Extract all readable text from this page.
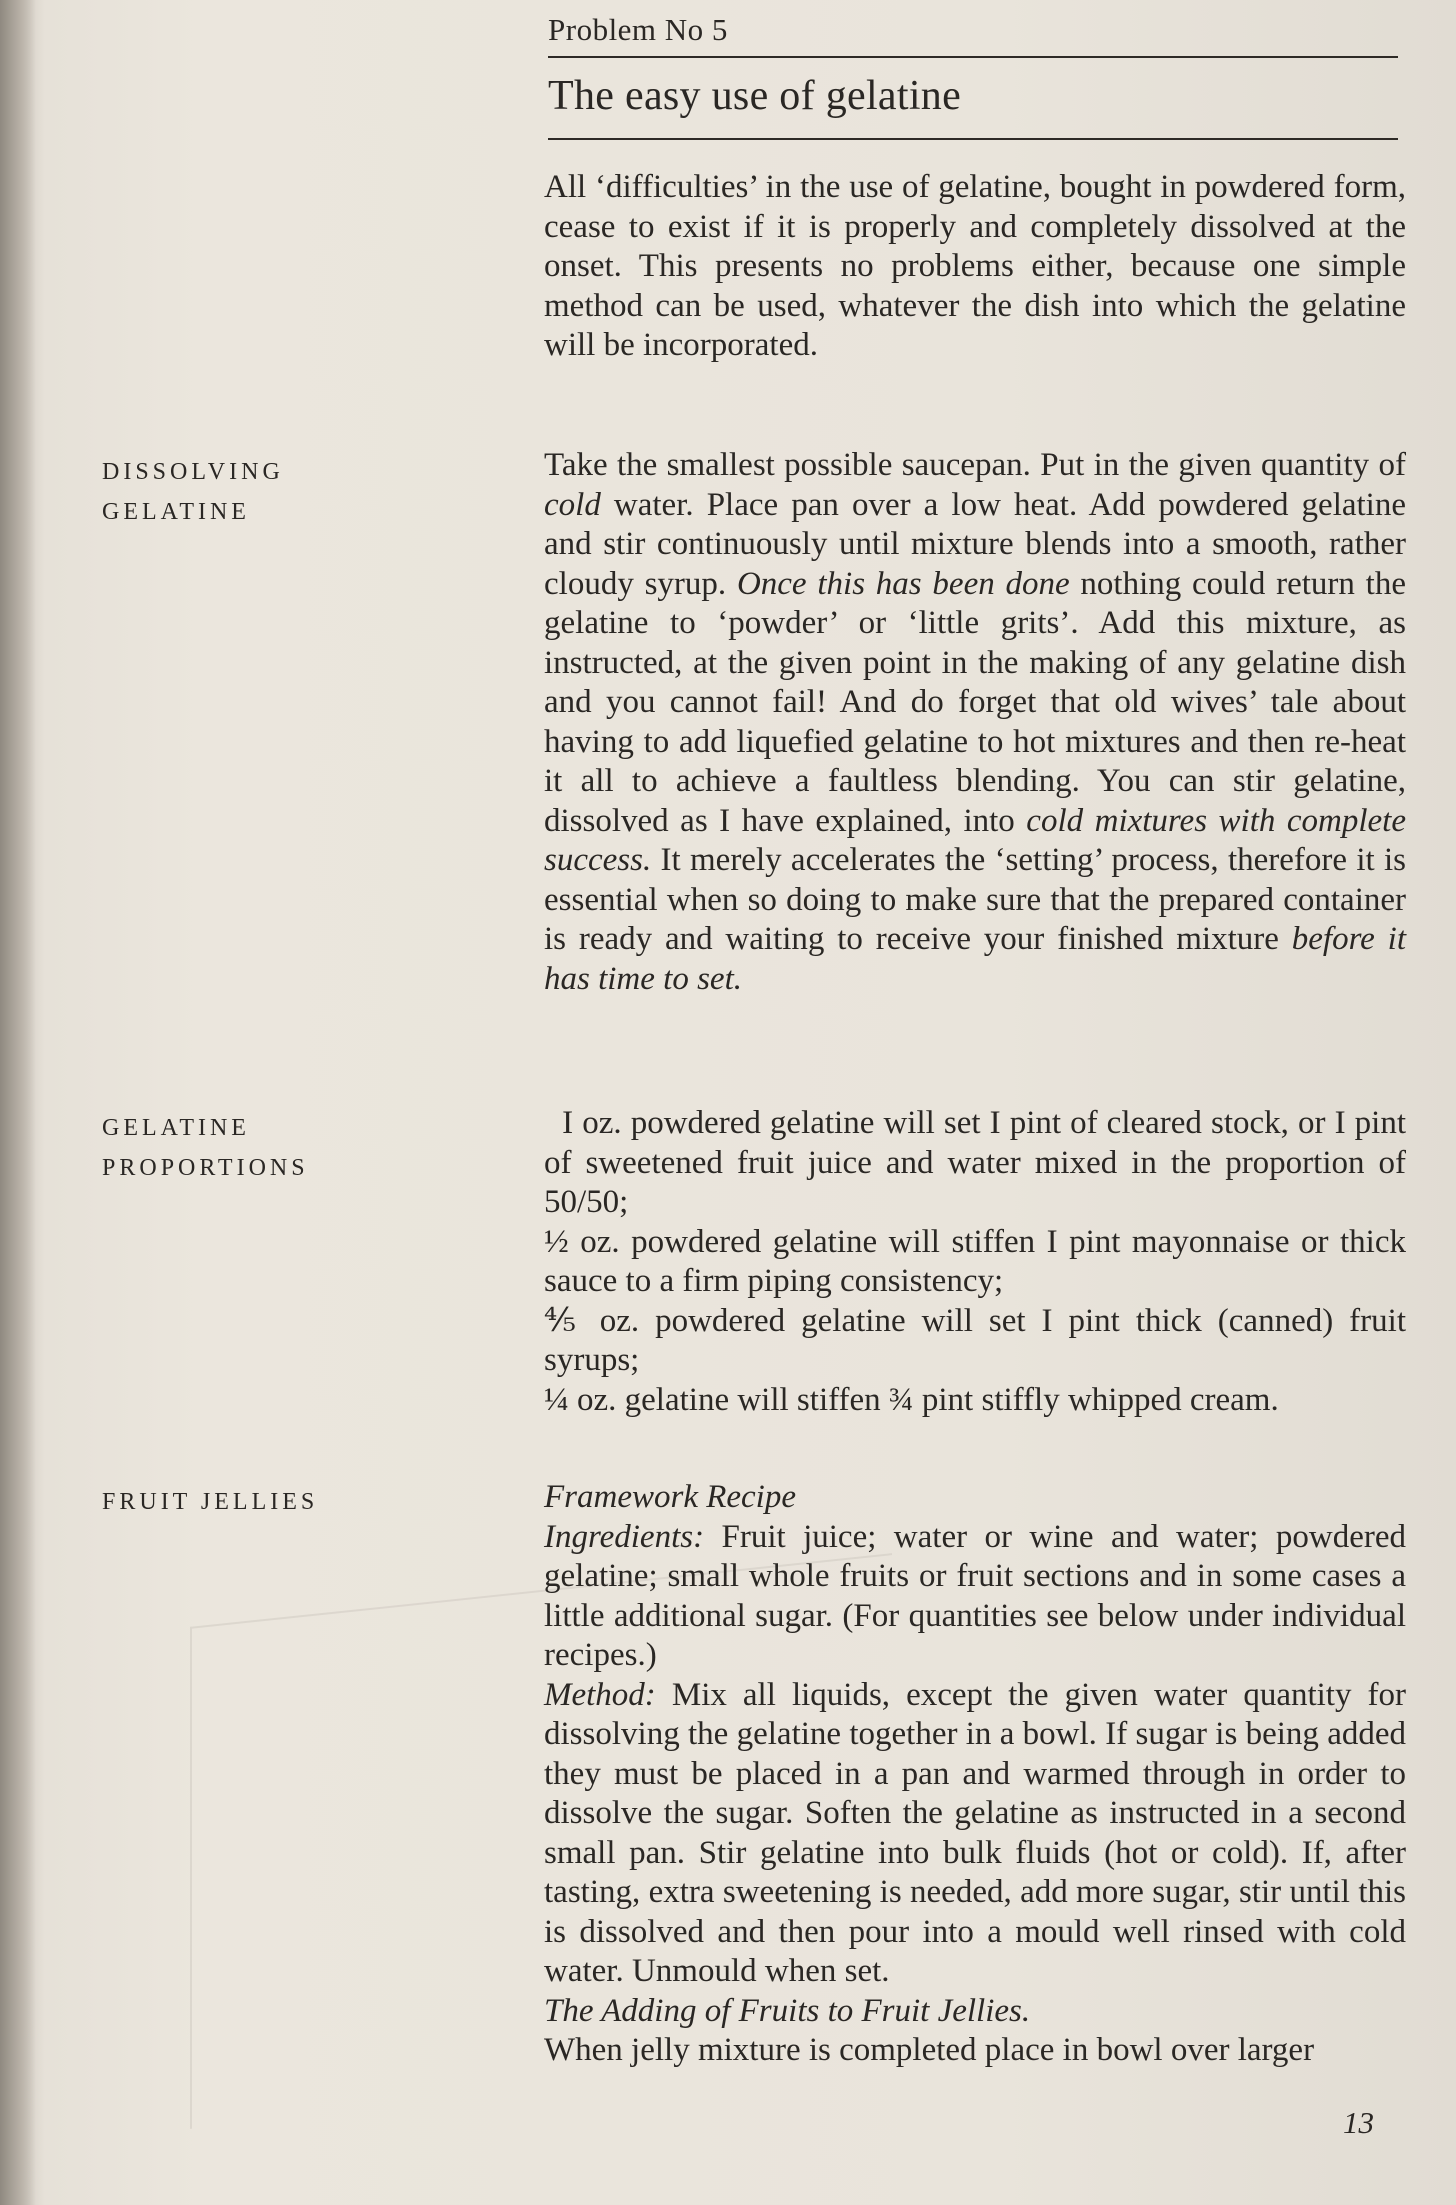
Problem No 5
The easy use of gelatine

All ‘difficulties’ in the use of gelatine, bought in powdered form, cease to exist if it is properly and completely dissolved at the onset. This presents no problems either, because one simple method can be used, whatever the dish into which the gelatine will be incorporated.

DISSOLVING
GELATINE

Take the smallest possible saucepan. Put in the given quantity of cold water. Place pan over a low heat. Add powdered gelatine and stir continuously until mixture blends into a smooth, rather cloudy syrup. Once this has been done nothing could return the gelatine to ‘powder’ or ‘little grits’. Add this mixture, as instructed, at the given point in the making of any gelatine dish and you cannot fail! And do forget that old wives’ tale about having to add liquefied gelatine to hot mixtures and then re-heat it all to achieve a faultless blending. You can stir gelatine, dissolved as I have explained, into cold mixtures with complete success. It merely accelerates the ‘setting’ process, therefore it is essential when so doing to make sure that the prepared container is ready and waiting to receive your finished mixture before it has time to set.

GELATINE
PROPORTIONS
I oz. powdered gelatine will set I pint of cleared stock, or I pint of sweetened fruit juice and water mixed in the proportion of 50/50;
½ oz. powdered gelatine will stiffen I pint mayonnaise or thick sauce to a firm piping consistency;
⅘ oz. powdered gelatine will set I pint thick (canned) fruit syrups;
¼ oz. gelatine will stiffen ¾ pint stiffly whipped cream.
FRUIT JELLIES	Framework Recipe
Ingredients: Fruit juice; water or wine and water; powdered gelatine; small whole fruits or fruit sections and in some cases a little additional sugar. (For quantities see below under individual recipes.)
Method: Mix all liquids, except the given water quantity for dissolving the gelatine together in a bowl. If sugar is being added they must be placed in a pan and warmed through in order to dissolve the sugar. Soften the gelatine as instructed in a second small pan. Stir gelatine into bulk fluids (hot or cold). If, after tasting, extra sweetening is needed, add more sugar, stir until this is dissolved and then pour into a mould well rinsed with cold water. Unmould when set.
The Adding of Fruits to Fruit Jellies.
When jelly mixture is completed place in bowl over larger
13
